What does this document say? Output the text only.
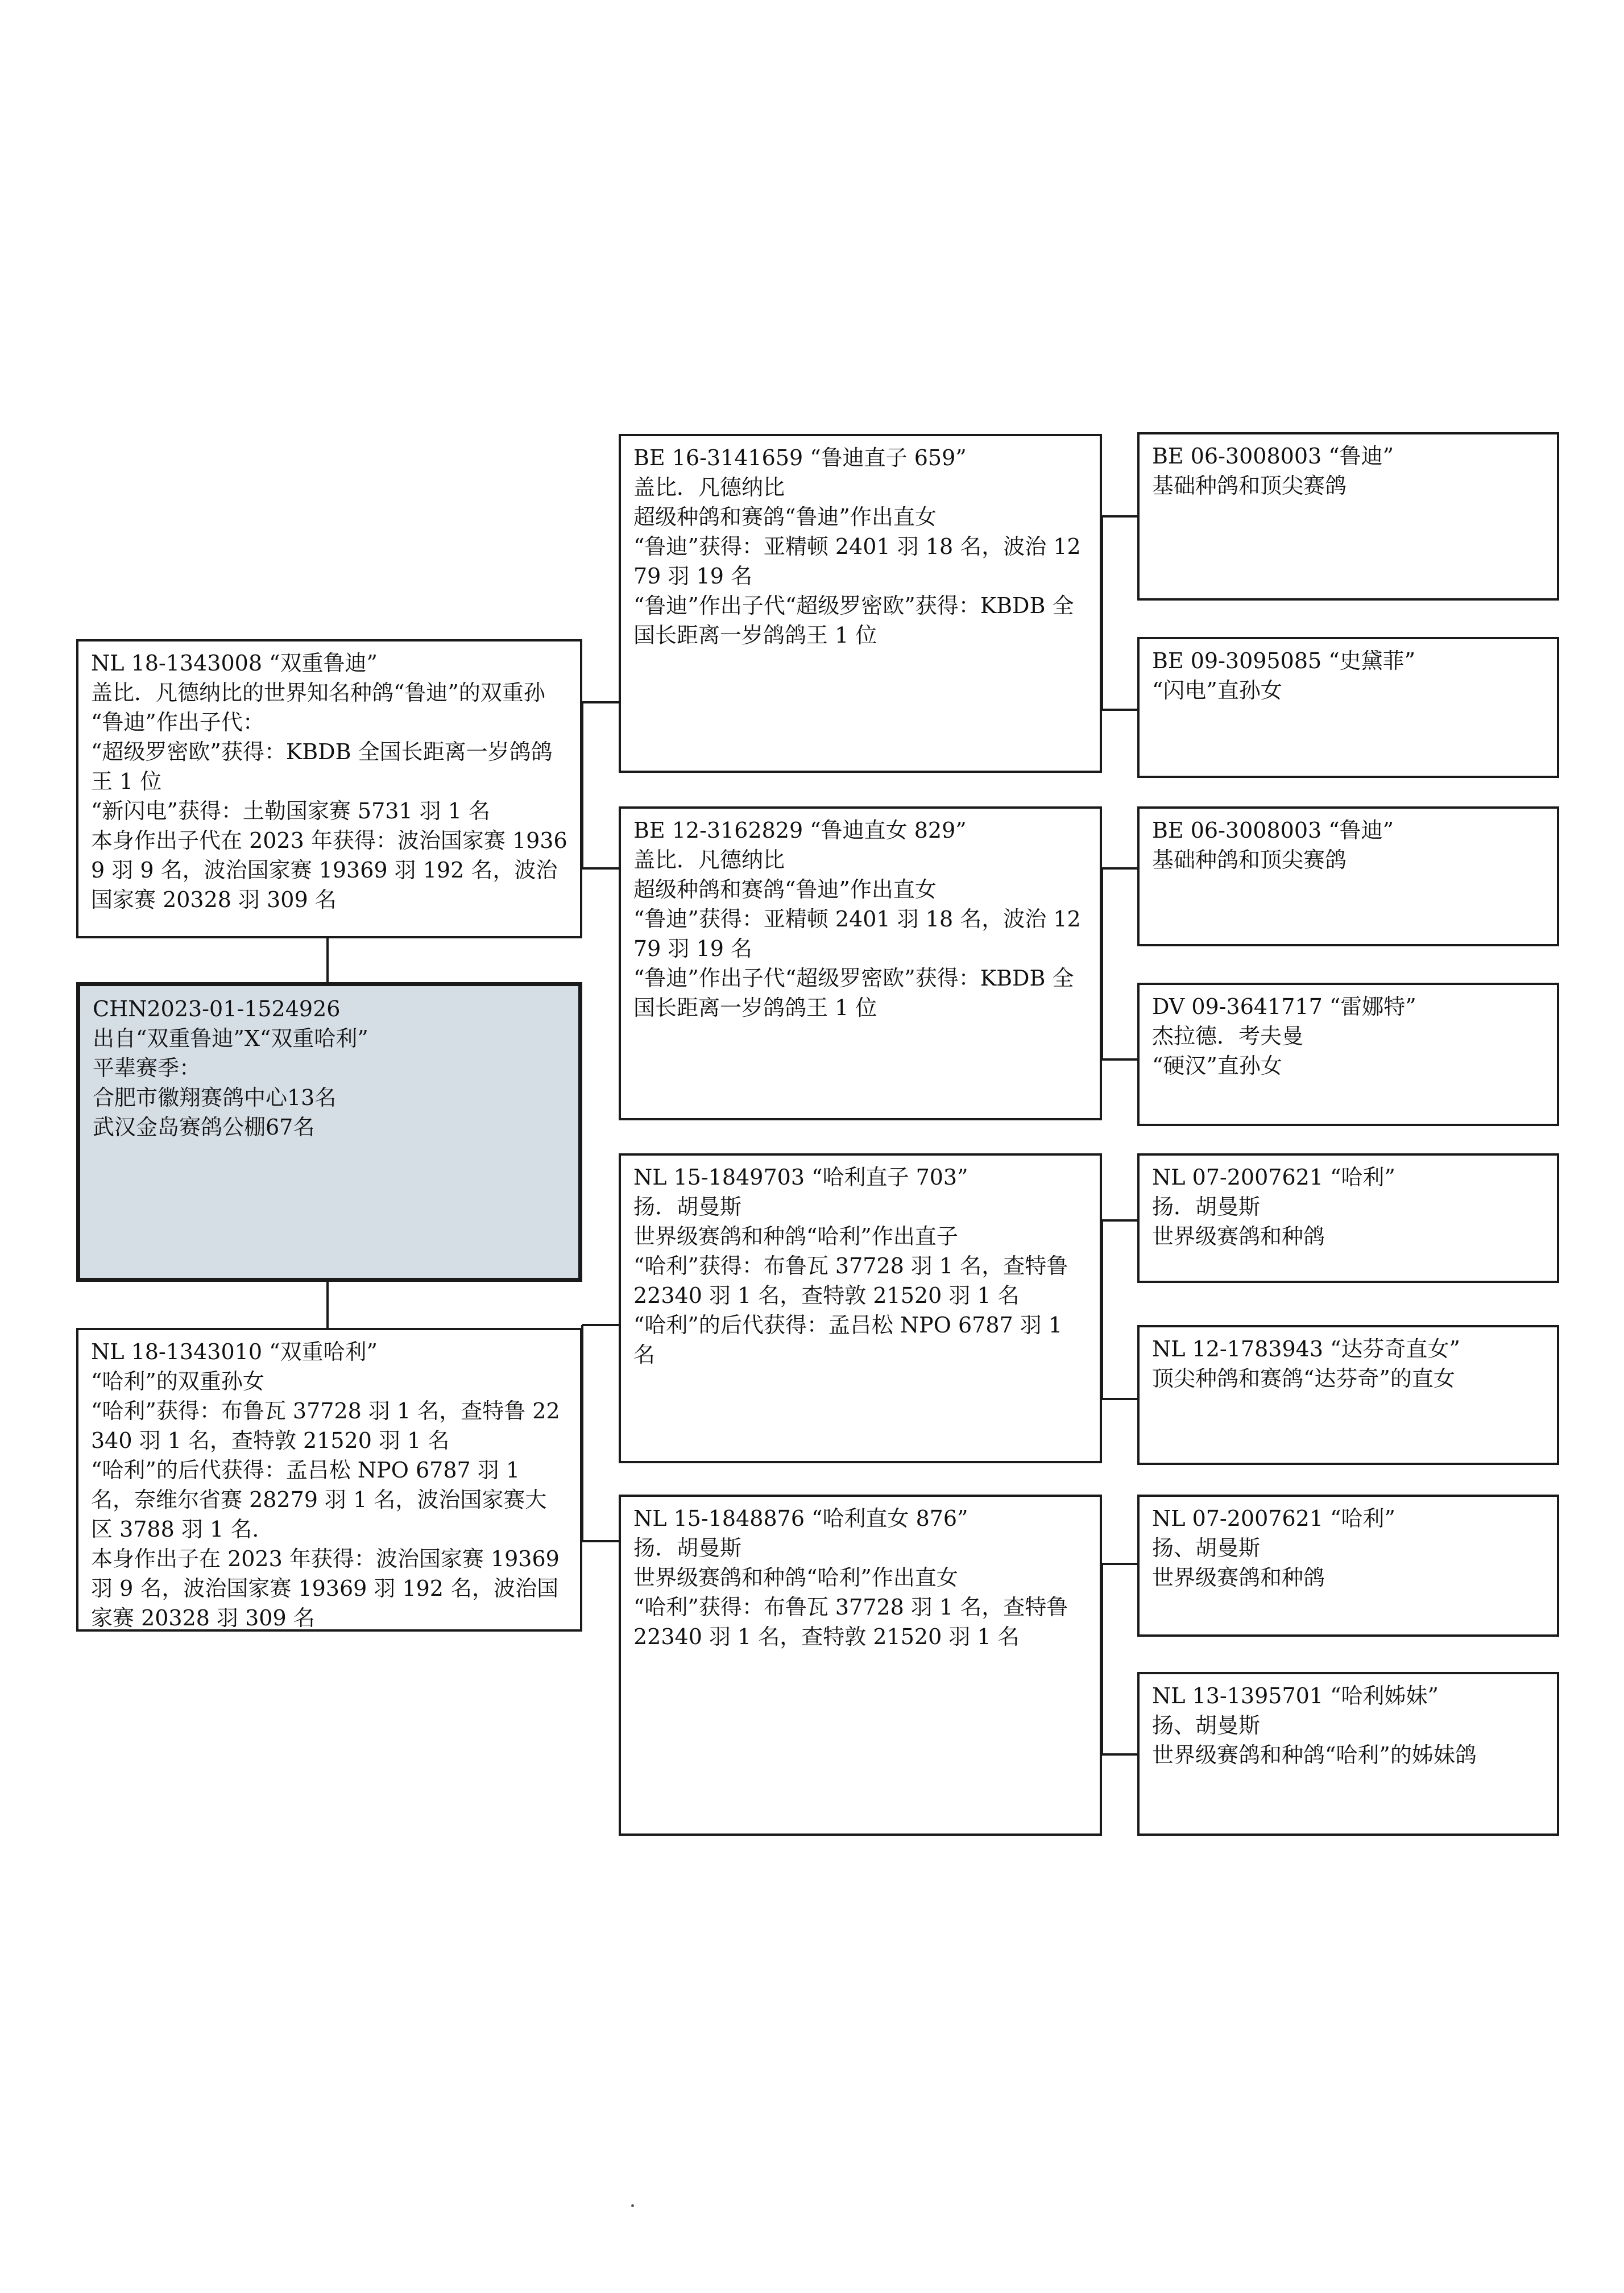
NL 18-1343008 “双重鲁迪”
盖比．凡德纳比的世界知名种鸽“鲁迪”的双重孙
“鲁迪”作出子代：
“超级罗密欧”获得：KBDB 全国长距离一岁鸽鸽王 1 位
“新闪电”获得：土勒国家赛 5731 羽 1 名
本身作出子代在 2023 年获得：波治国家赛 19369 羽 9 名，波治国家赛 19369 羽 192 名，波治国家赛 20328 羽 309 名
CHN2023-01-1524926
出自“双重鲁迪”X“双重哈利”
平辈赛季：
合肥市徽翔赛鸽中心13名
武汉金岛赛鸽公棚67名
NL 18-1343010 “双重哈利”
“哈利”的双重孙女
“哈利”获得：布鲁瓦 37728 羽 1 名，查特鲁 22340 羽 1 名，查特敦 21520 羽 1 名
“哈利”的后代获得：孟吕松 NPO 6787 羽 1 名，奈维尔省赛 28279 羽 1 名，波治国家赛大区 3788 羽 1 名.
本身作出子在 2023 年获得：波治国家赛 19369 羽 9 名，波治国家赛 19369 羽 192 名，波治国家赛 20328 羽 309 名
BE 16-3141659 “鲁迪直子 659”
盖比．凡德纳比
超级种鸽和赛鸽“鲁迪”作出直女
“鲁迪”获得：亚精顿 2401 羽 18 名，波治 1279 羽 19 名
“鲁迪”作出子代“超级罗密欧”获得：KBDB 全国长距离一岁鸽鸽王 1 位
BE 12-3162829 “鲁迪直女 829”
盖比．凡德纳比
超级种鸽和赛鸽“鲁迪”作出直女
“鲁迪”获得：亚精顿 2401 羽 18 名，波治 1279 羽 19 名
“鲁迪”作出子代“超级罗密欧”获得：KBDB 全国长距离一岁鸽鸽王 1 位
NL 15-1849703 “哈利直子 703”
扬．胡曼斯
世界级赛鸽和种鸽“哈利”作出直子
“哈利”获得：布鲁瓦 37728 羽 1 名，查特鲁 22340 羽 1 名，查特敦 21520 羽 1 名
“哈利”的后代获得：孟吕松 NPO 6787 羽 1 名
NL 15-1848876 “哈利直女 876”
扬．胡曼斯
世界级赛鸽和种鸽“哈利”作出直女
“哈利”获得：布鲁瓦 37728 羽 1 名，查特鲁 22340 羽 1 名，查特敦 21520 羽 1 名
BE 06-3008003 “鲁迪”
基础种鸽和顶尖赛鸽
BE 09-3095085 “史黛菲”
“闪电”直孙女
BE 06-3008003 “鲁迪”
基础种鸽和顶尖赛鸽
DV 09-3641717 “雷娜特”
杰拉德．考夫曼
“硬汉”直孙女
NL 07-2007621 “哈利”
扬．胡曼斯
世界级赛鸽和种鸽
NL 12-1783943 “达芬奇直女”
顶尖种鸽和赛鸽“达芬奇”的直女
NL 07-2007621 “哈利”
扬、胡曼斯
世界级赛鸽和种鸽
NL 13-1395701 “哈利姊妹”
扬、胡曼斯
世界级赛鸽和种鸽“哈利”的姊妹鸽
